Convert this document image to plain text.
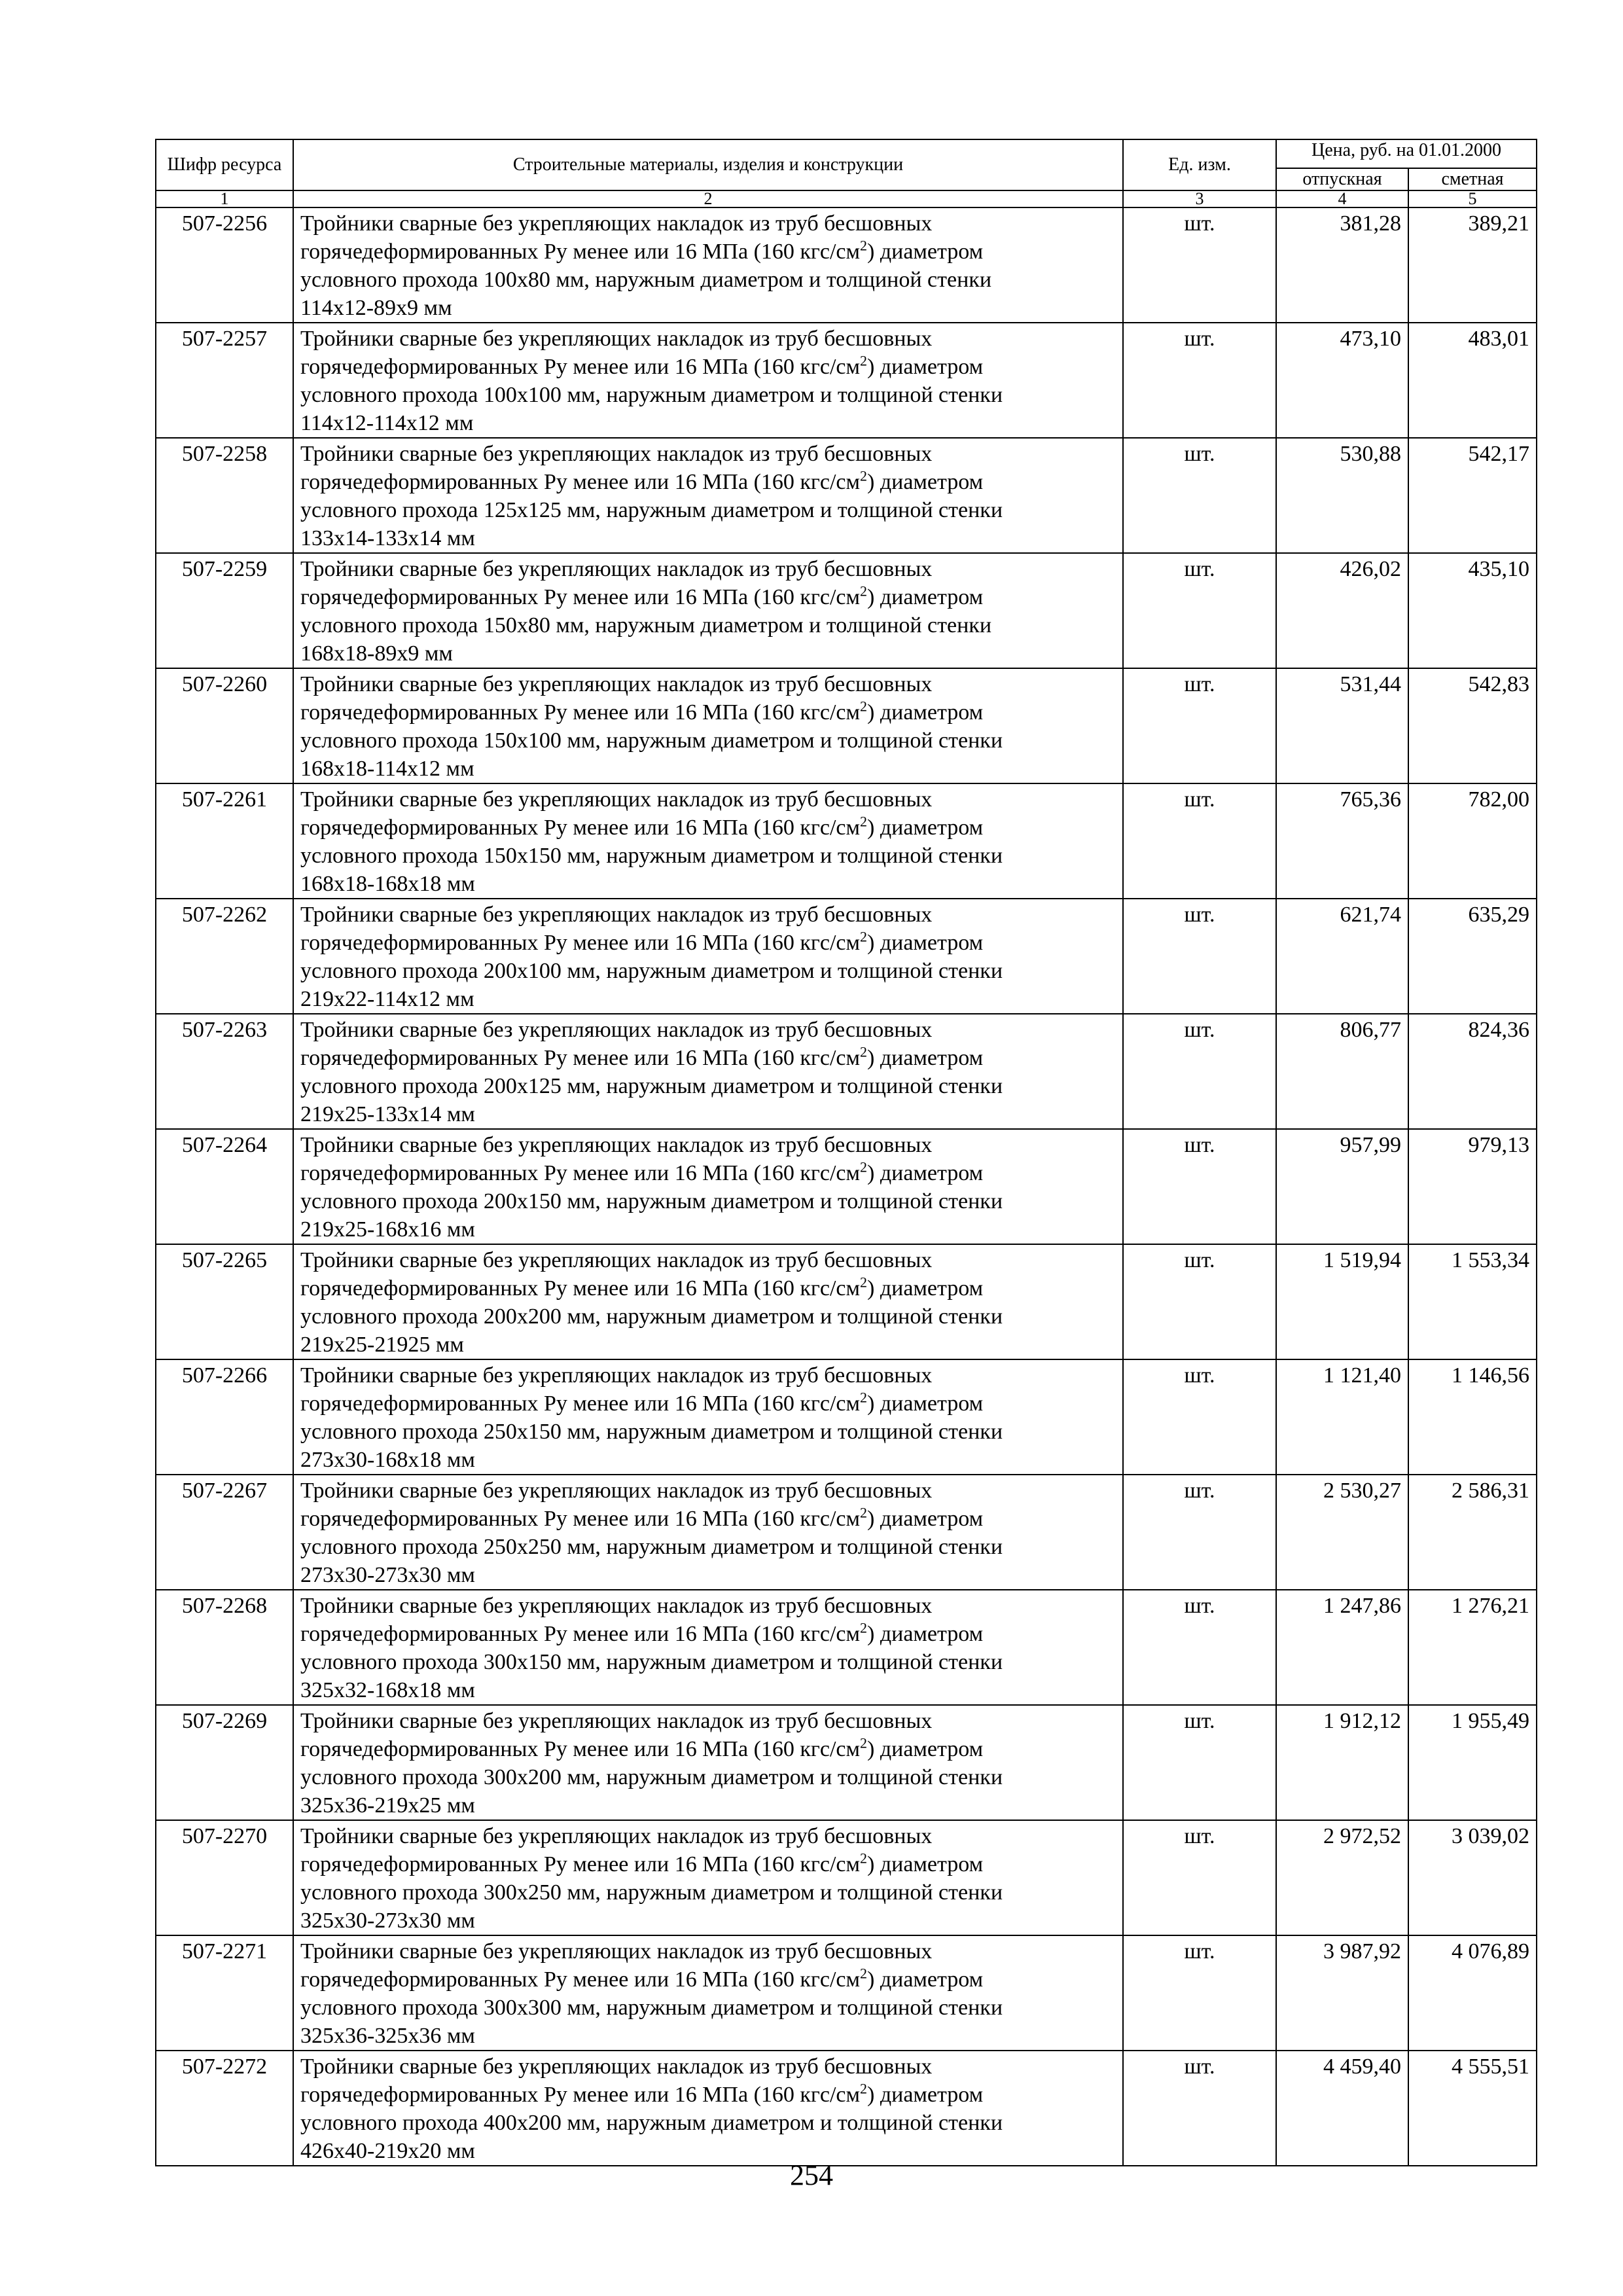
Шифр ресурса	Строительные материалы, изделия и конструкции	Ед. изм.	Цена, руб. на 01.01.2000	
			отпускная	сметная
1	2	3	4	5
507-2256	Тройники сварные без укрепляющих накладок из труб бесшовных
горячедеформированных Ру менее или 16 МПа (160 кгс/$см^2$) диаметром
условного прохода 100х80 мм, наружным диаметром и толщиной стенки
114х12-89х9 мм	шт.	381,28	389,21
507-2257	Тройники сварные без укрепляющих накладок из труб бесшовных
горячедеформированных Ру менее или 16 МПа (160 кгс/$см^2$) диаметром
условного прохода 100х100 мм, наружным диаметром и толщиной стенки
114х12-114х12 мм	шт.	473,10	483,01
507-2258	Тройники сварные без укрепляющих накладок из труб бесшовных
горячедеформированных Ру менее или 16 МПа (160 кгс/$см^2$) диаметром
условного прохода 125х125 мм, наружным диаметром и толщиной стенки
133х14-133х14 мм	шт.	530,88	542,17
507-2259	Тройники сварные без укрепляющих накладок из труб бесшовных
горячедеформированных Ру менее или 16 МПа (160 кгс/$см^2$) диаметром
условного прохода 150х80 мм, наружным диаметром и толщиной стенки
168х18-89х9 мм	шт.	426,02	435,10
507-2260	Тройники сварные без укрепляющих накладок из труб бесшовных
горячедеформированных Ру менее или 16 МПа (160 кгс/$см^2$) диаметром
условного прохода 150х100 мм, наружным диаметром и толщиной стенки
168х18-114х12 мм	шт.	531,44	542,83
507-2261	Тройники сварные без укрепляющих накладок из труб бесшовных
горячедеформированных Ру менее или 16 МПа (160 кгс/$см^2$) диаметром
условного прохода 150х150 мм, наружным диаметром и толщиной стенки
168х18-168х18 мм	шт.	765,36	782,00
507-2262	Тройники сварные без укрепляющих накладок из труб бесшовных
горячедеформированных Ру менее или 16 МПа (160 кгс/$см^2$) диаметром
условного прохода 200х100 мм, наружным диаметром и толщиной стенки
219х22-114х12 мм	шт.	621,74	635,29
507-2263	Тройники сварные без укрепляющих накладок из труб бесшовных
горячедеформированных Ру менее или 16 МПа (160 кгс/$см^2$) диаметром
условного прохода 200х125 мм, наружным диаметром и толщиной стенки
219х25-133х14 мм	шт.	806,77	824,36
507-2264	Тройники сварные без укрепляющих накладок из труб бесшовных
горячедеформированных Ру менее или 16 МПа (160 кгс/$см^2$) диаметром
условного прохода 200х150 мм, наружным диаметром и толщиной стенки
219х25-168х16 мм	шт.	957,99	979,13
507-2265	Тройники сварные без укрепляющих накладок из труб бесшовных
горячедеформированных Ру менее или 16 МПа (160 кгс/$см^2$) диаметром
условного прохода 200х200 мм, наружным диаметром и толщиной стенки
219х25-21925 мм	шт.	1 519,94	1 553,34
507-2266	Тройники сварные без укрепляющих накладок из труб бесшовных
горячедеформированных Ру менее или 16 МПа (160 кгс/$см^2$) диаметром
условного прохода 250х150 мм, наружным диаметром и толщиной стенки
273х30-168х18 мм	шт.	1 121,40	1 146,56
507-2267	Тройники сварные без укрепляющих накладок из труб бесшовных
горячедеформированных Ру менее или 16 МПа (160 кгс/$см^2$) диаметром
условного прохода 250х250 мм, наружным диаметром и толщиной стенки
273х30-273х30 мм	шт.	2 530,27	2 586,31
507-2268	Тройники сварные без укрепляющих накладок из труб бесшовных
горячедеформированных Ру менее или 16 МПа (160 кгс/$см^2$) диаметром
условного прохода 300х150 мм, наружным диаметром и толщиной стенки
325х32-168х18 мм	шт.	1 247,86	1 276,21
507-2269	Тройники сварные без укрепляющих накладок из труб бесшовных
горячедеформированных Ру менее или 16 МПа (160 кгс/$см^2$) диаметром
условного прохода 300х200 мм, наружным диаметром и толщиной стенки
325х36-219х25 мм	шт.	1 912,12	1 955,49
507-2270	Тройники сварные без укрепляющих накладок из труб бесшовных
горячедеформированных Ру менее или 16 МПа (160 кгс/$см^2$) диаметром
условного прохода 300х250 мм, наружным диаметром и толщиной стенки
325х30-273х30 мм	шт.	2 972,52	3 039,02
507-2271	Тройники сварные без укрепляющих накладок из труб бесшовных
горячедеформированных Ру менее или 16 МПа (160 кгс/$см^2$) диаметром
условного прохода 300х300 мм, наружным диаметром и толщиной стенки
325х36-325х36 мм	шт.	3 987,92	4 076,89
507-2272	Тройники сварные без укрепляющих накладок из труб бесшовных
горячедеформированных Ру менее или 16 МПа (160 кгс/$см^2$) диаметром
условного прохода 400х200 мм, наружным диаметром и толщиной стенки
426х40-219х20 мм	шт.	4 459,40	4 555,51
254
